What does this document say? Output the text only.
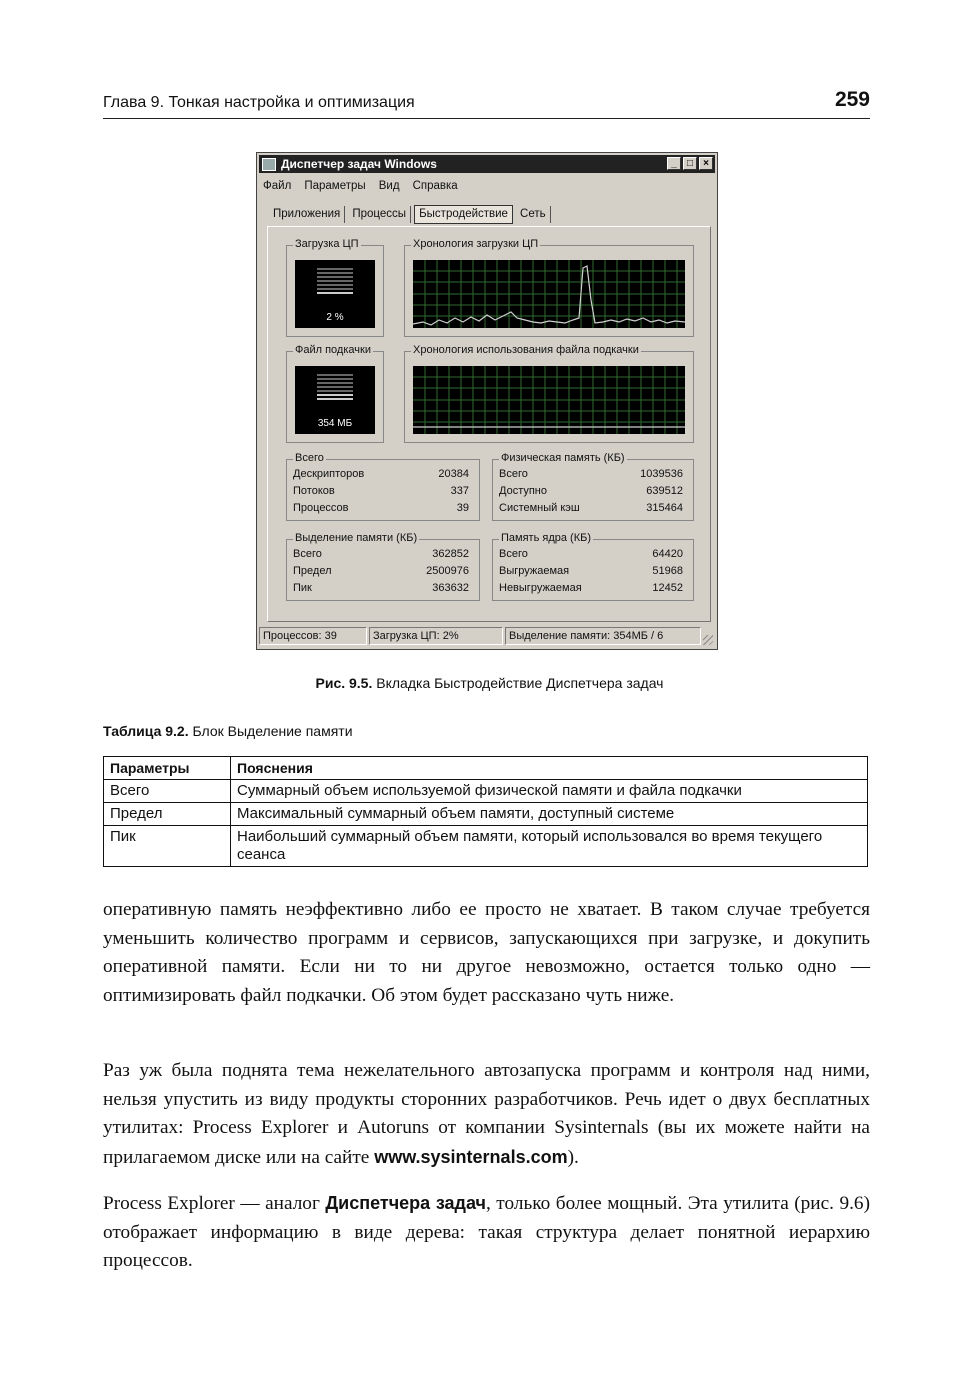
Глава 9. Тонкая настройка и оптимизация	259
Диспетчер задач Windows	_	□	×
Файл Параметры Вид Справка
Приложения Процессы Быстродействие Сеть
Загрузка ЦП
2 %
Хронология загрузки ЦП
Файл подкачки
354 МБ
Хронология использования файла подкачки
Всего
Дескрипторов	20384
Потоков	337
Процессов	39
Физическая память (КБ)
Всего	1039536
Доступно	639512
Системный кэш	315464
Выделение памяти (КБ)
Всего	362852
Предел	2500976
Пик	363632
Память ядра (КБ)
Всего	64420
Выгружаемая	51968
Невыгружаемая	12452
Процессов: 39	Загрузка ЦП: 2%	Выделение памяти: 354МБ / 6
Рис. 9.5. Вкладка Быстродействие Диспетчера задач
Таблица 9.2. Блок Выделение памяти
Параметры	Пояснения
Всего	Суммарный объем используемой физической памяти и файла подкачки
Предел	Максимальный суммарный объем памяти, доступный системе
Пик	Наибольший суммарный объем памяти, который использовался во время текущего сеанса

оперативную память неэффективно либо ее просто не хватает. В таком случае требуется уменьшить количество программ и сервисов, запускающихся при загрузке, и докупить оперативной памяти. Если ни то ни другое невозможно, остается только одно — оптимизировать файл подкачки. Об этом будет рассказано чуть ниже.

Раз уж была поднята тема нежелательного автозапуска программ и контроля над ними, нельзя упустить из виду продукты сторонних разработчиков. Речь идет о двух бесплатных утилитах: Process Explorer и Autoruns от компании Sysinternals (вы их можете найти на прилагаемом диске или на сайте www.sysinternals.com).

Process Explorer — аналог Диспетчера задач, только более мощный. Эта утилита (рис. 9.6) отображает информацию в виде дерева: такая структура делает понятной иерархию процессов.
